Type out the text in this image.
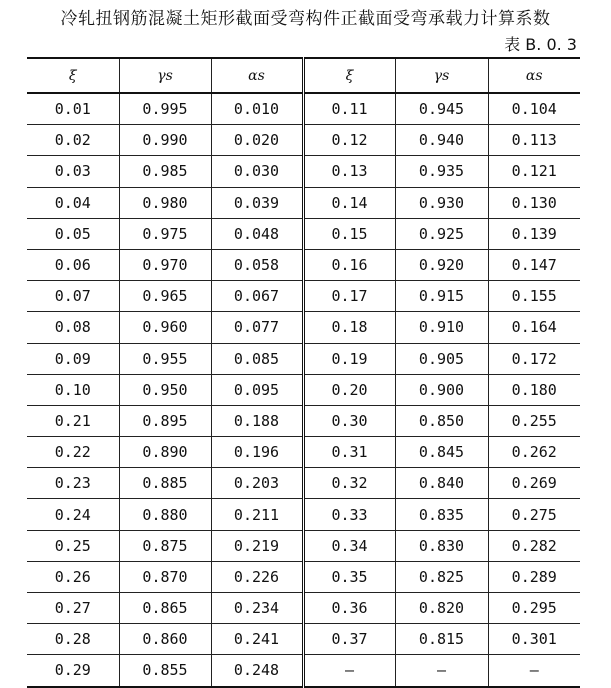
冷轧扭钢筋混凝土矩形截面受弯构件正截面受弯承载力计算系数
表 B. 0. 3
ξ	γs	αs	ξ	γs	αs
0.01	0.995	0.010	0.11	0.945	0.104
0.02	0.990	0.020	0.12	0.940	0.113
0.03	0.985	0.030	0.13	0.935	0.121
0.04	0.980	0.039	0.14	0.930	0.130
0.05	0.975	0.048	0.15	0.925	0.139
0.06	0.970	0.058	0.16	0.920	0.147
0.07	0.965	0.067	0.17	0.915	0.155
0.08	0.960	0.077	0.18	0.910	0.164
0.09	0.955	0.085	0.19	0.905	0.172
0.10	0.950	0.095	0.20	0.900	0.180
0.21	0.895	0.188	0.30	0.850	0.255
0.22	0.890	0.196	0.31	0.845	0.262
0.23	0.885	0.203	0.32	0.840	0.269
0.24	0.880	0.211	0.33	0.835	0.275
0.25	0.875	0.219	0.34	0.830	0.282
0.26	0.870	0.226	0.35	0.825	0.289
0.27	0.865	0.234	0.36	0.820	0.295
0.28	0.860	0.241	0.37	0.815	0.301
0.29	0.855	0.248	—	—	—
